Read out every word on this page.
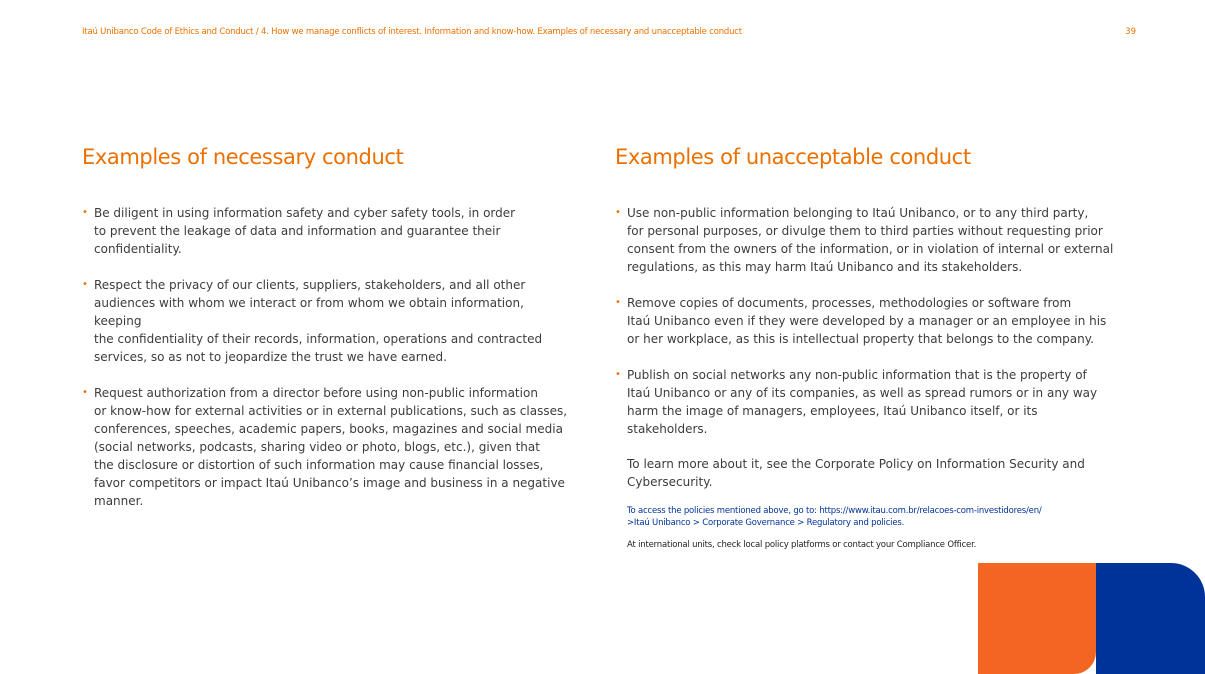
Itaú Unibanco Code of Ethics and Conduct / 4. How we manage conflicts of interest. Information and know-how. Examples of necessary and unacceptable conduct	39
Examples of necessary conduct
• Be diligent in using information safety and cyber safety tools, in order
to prevent the leakage of data and information and guarantee their
confidentiality.
• Respect the privacy of our clients, suppliers, stakeholders, and all other
audiences with whom we interact or from whom we obtain information, keeping
the confidentiality of their records, information, operations and contracted
services, so as not to jeopardize the trust we have earned.
• Request authorization from a director before using non-public information
or know-how for external activities or in external publications, such as classes,
conferences, speeches, academic papers, books, magazines and social media
(social networks, podcasts, sharing video or photo, blogs, etc.), given that
the disclosure or distortion of such information may cause financial losses,
favor competitors or impact Itaú Unibanco’s image and business in a negative
manner.
Examples of unacceptable conduct
• Use non-public information belonging to Itaú Unibanco, or to any third party,
for personal purposes, or divulge them to third parties without requesting prior
consent from the owners of the information, or in violation of internal or external
regulations, as this may harm Itaú Unibanco and its stakeholders.
• Remove copies of documents, processes, methodologies or software from
Itaú Unibanco even if they were developed by a manager or an employee in his
or her workplace, as this is intellectual property that belongs to the company.
• Publish on social networks any non-public information that is the property of
Itaú Unibanco or any of its companies, as well as spread rumors or in any way
harm the image of managers, employees, Itaú Unibanco itself, or its stakeholders.
To learn more about it, see the Corporate Policy on Information Security and
Cybersecurity.
To access the policies mentioned above, go to: https://www.itau.com.br/relacoes-com-investidores/en/
>Itaú Unibanco > Corporate Governance > Regulatory and policies.
At international units, check local policy platforms or contact your Compliance Officer.
